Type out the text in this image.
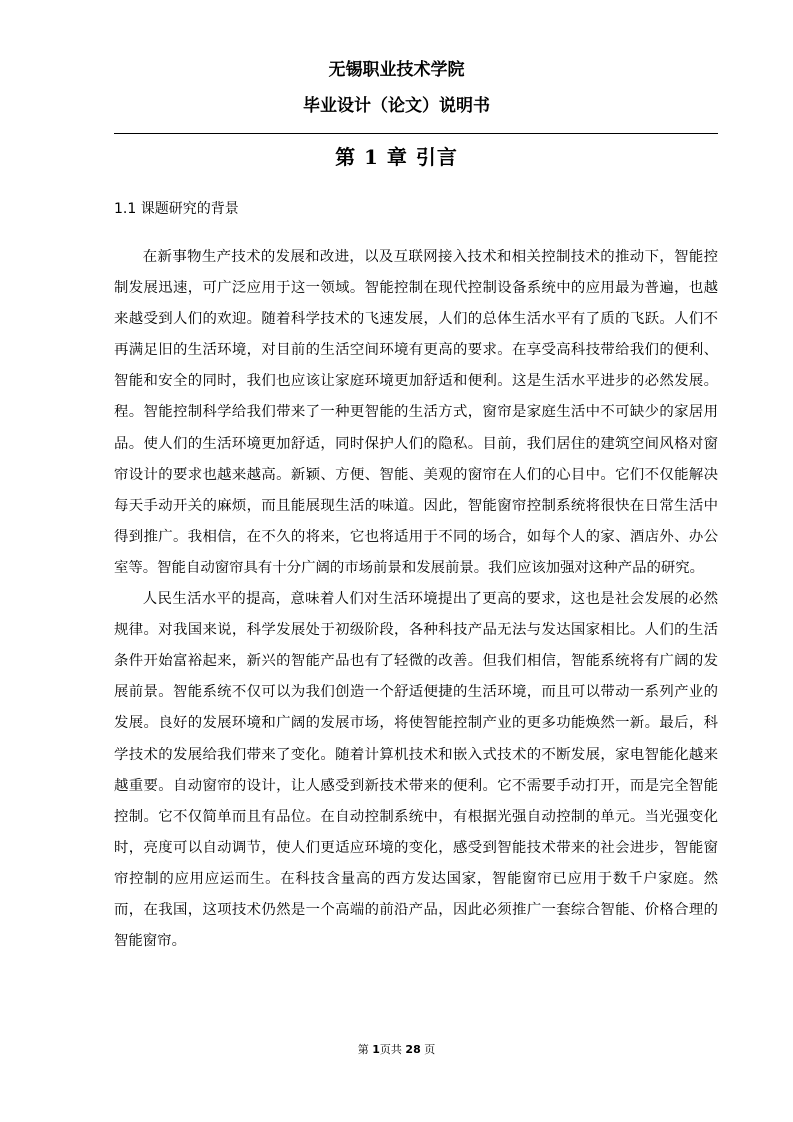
无锡职业技术学院
毕业设计（论文）说明书
第 1 章 引言
1.1 课题研究的背景

在新事物生产技术的发展和改进，以及互联网接入技术和相关控制技术的推动下，智能控制发展迅速，可广泛应用于这一领域。智能控制在现代控制设备系统中的应用最为普遍，也越来越受到人们的欢迎。随着科学技术的飞速发展，人们的总体生活水平有了质的飞跃。人们不再满足旧的生活环境，对目前的生活空间环境有更高的要求。在享受高科技带给我们的便利、智能和安全的同时，我们也应该让家庭环境更加舒适和便利。这是生活水平进步的必然发展。程。智能控制科学给我们带来了一种更智能的生活方式，窗帘是家庭生活中不可缺少的家居用品。使人们的生活环境更加舒适，同时保护人们的隐私。目前，我们居住的建筑空间风格对窗帘设计的要求也越来越高。新颖、方便、智能、美观的窗帘在人们的心目中。它们不仅能解决每天手动开关的麻烦，而且能展现生活的味道。因此，智能窗帘控制系统将很快在日常生活中得到推广。我相信，在不久的将来，它也将适用于不同的场合，如每个人的家、酒店外、办公室等。智能自动窗帘具有十分广阔的市场前景和发展前景。我们应该加强对这种产品的研究。

人民生活水平的提高，意味着人们对生活环境提出了更高的要求，这也是社会发展的必然规律。对我国来说，科学发展处于初级阶段，各种科技产品无法与发达国家相比。人们的生活条件开始富裕起来，新兴的智能产品也有了轻微的改善。但我们相信，智能系统将有广阔的发展前景。智能系统不仅可以为我们创造一个舒适便捷的生活环境，而且可以带动一系列产业的发展。良好的发展环境和广阔的发展市场，将使智能控制产业的更多功能焕然一新。最后，科学技术的发展给我们带来了变化。随着计算机技术和嵌入式技术的不断发展，家电智能化越来越重要。自动窗帘的设计，让人感受到新技术带来的便利。它不需要手动打开，而是完全智能控制。它不仅简单而且有品位。在自动控制系统中，有根据光强自动控制的单元。当光强变化时，亮度可以自动调节，使人们更适应环境的变化，感受到智能技术带来的社会进步，智能窗帘控制的应用应运而生。在科技含量高的西方发达国家，智能窗帘已应用于数千户家庭。然而，在我国，这项技术仍然是一个高端的前沿产品，因此必须推广一套综合智能、价格合理的智能窗帘。

第 1页共 28 页
